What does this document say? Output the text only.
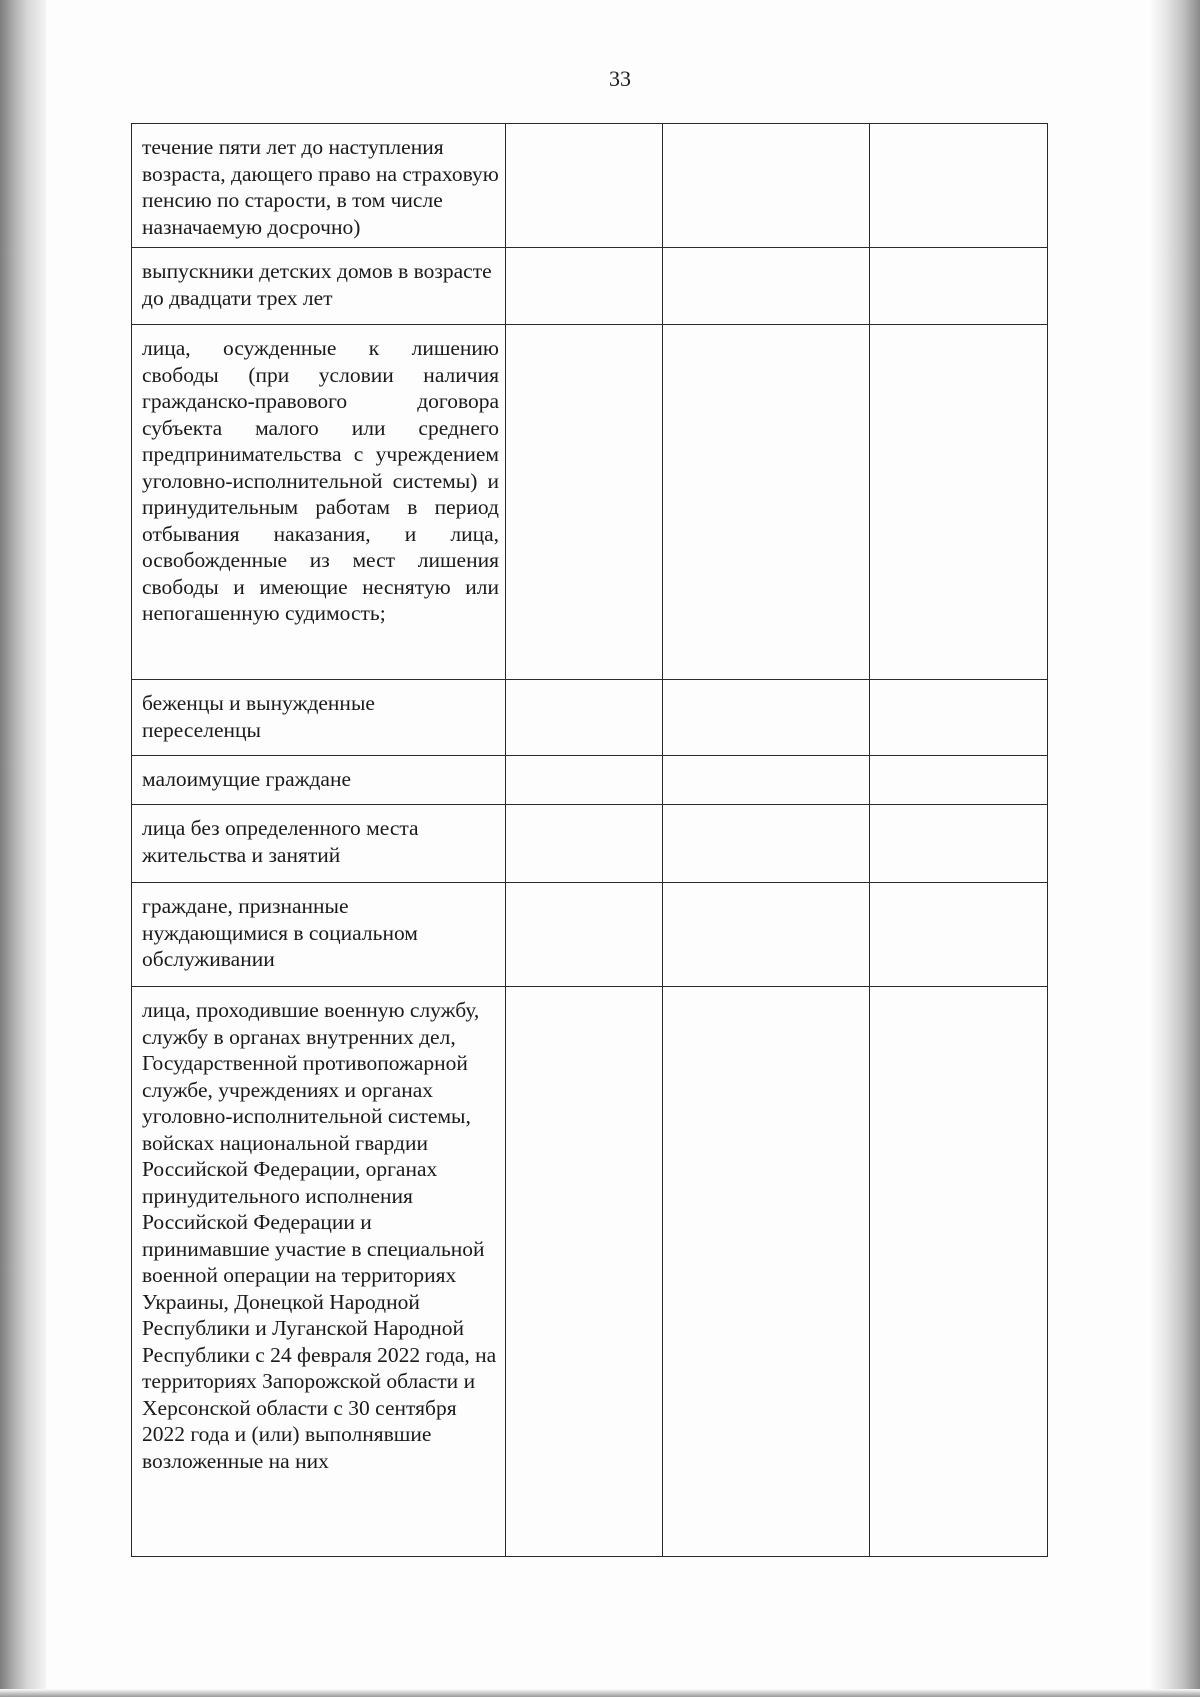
33
течение пяти лет до наступления возраста, дающего право на страховую пенсию по старости, в том числе назначаемую досрочно)			
выпускники детских домов в возрасте до двадцати трех лет			
лица, осужденные к лишению свободы (при условии наличия гражданско-правового договора субъекта малого или среднего предпринимательства с учреждением уголовно-исполнительной системы) и принудительным работам в период отбывания наказания, и лица, освобожденные из мест лишения свободы и имеющие неснятую или непогашенную судимость;			
беженцы и вынужденные переселенцы			
малоимущие граждане			
лица без определенного места жительства и занятий			
граждане, признанные нуждающимися в социальном обслуживании			
лица, проходившие военную службу, службу в органах внутренних дел, Государственной противопожарной службе, учреждениях и органах уголовно-исполнительной системы, войсках национальной гвардии Российской Федерации, органах принудительного исполнения Российской Федерации и принимавшие участие в специальной военной операции на территориях Украины, Донецкой Народной Республики и Луганской Народной Республики с 24 февраля 2022 года, на территориях Запорожской области и Херсонской области с 30 сентября 2022 года и (или) выполнявшие возложенные на них			
